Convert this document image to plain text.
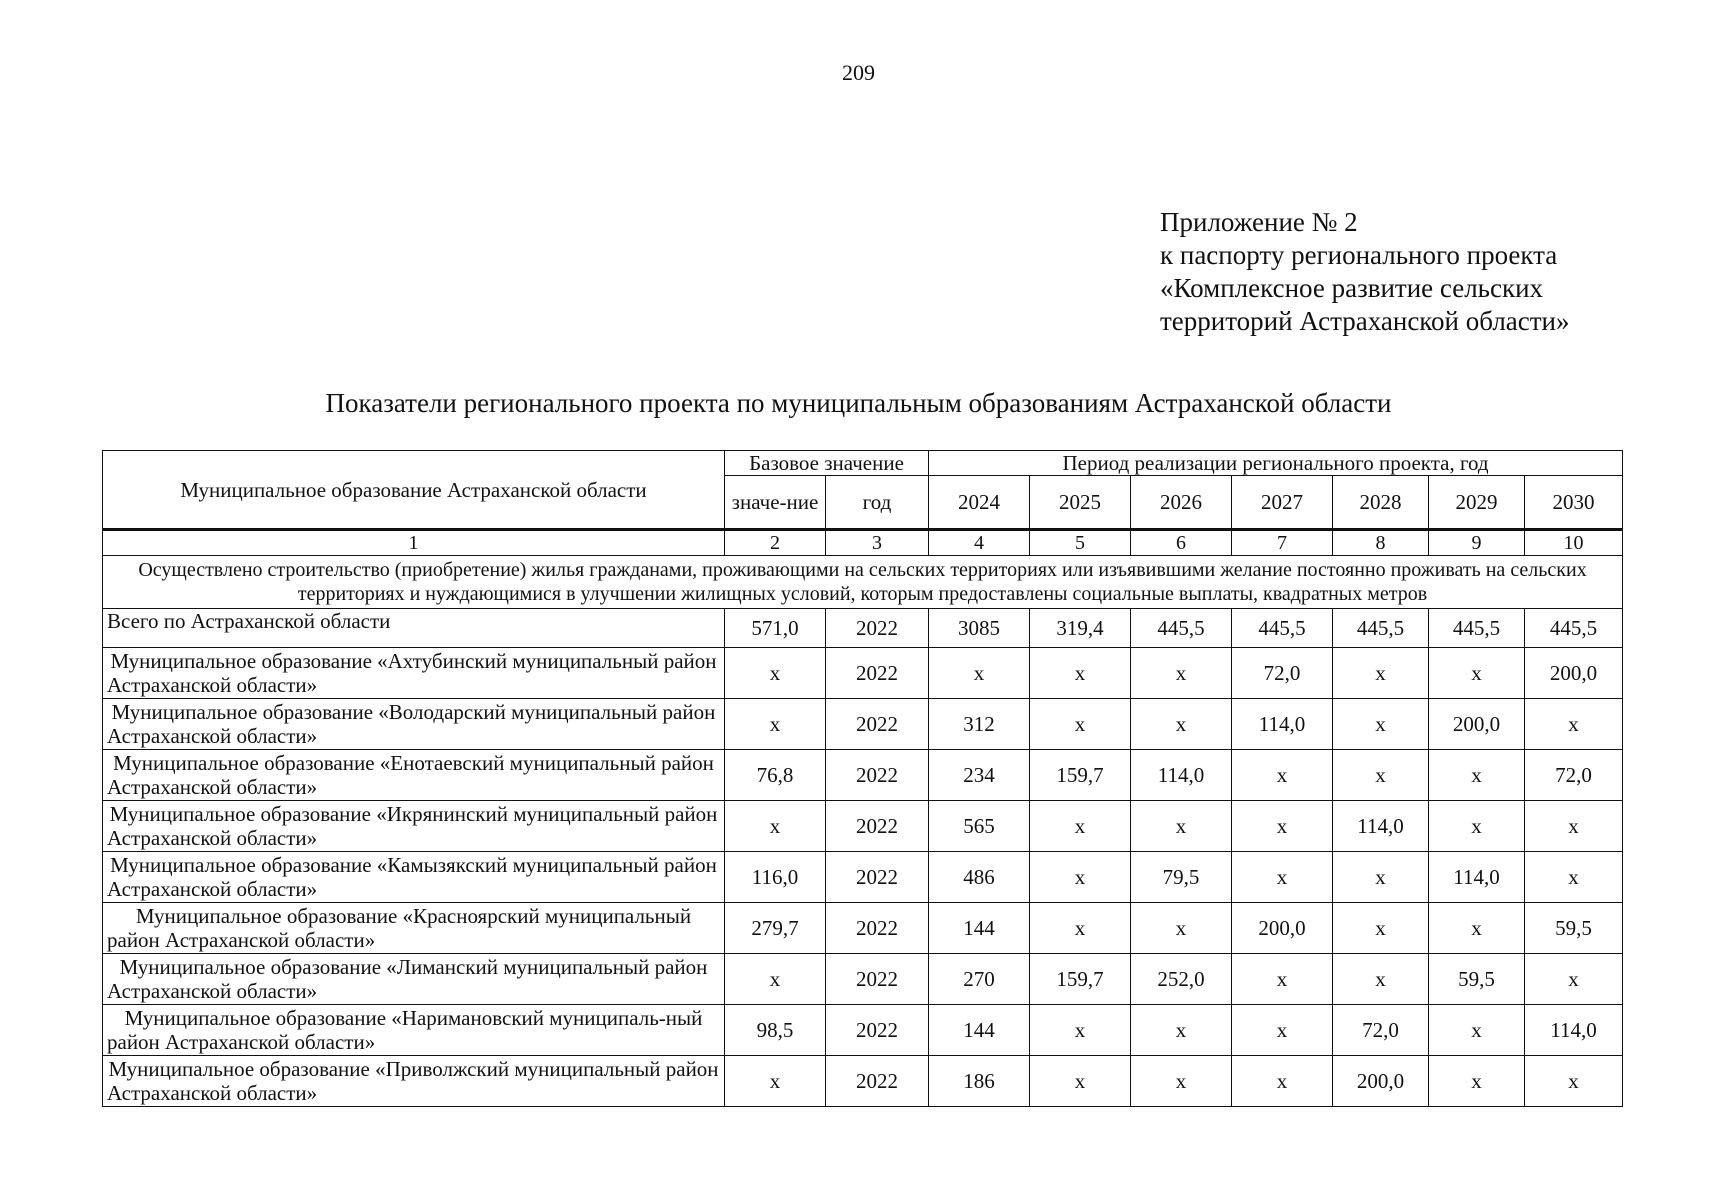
209
Приложение № 2
к паспорту регионального проекта
«Комплексное развитие сельских
территорий Астраханской области»
Показатели регионального проекта по муниципальным образованиям Астраханской области
Муниципальное образование Астраханской области	Базовое значение		Период реализации регионального проекта, год						
	значе-ние	год	2024	2025	2026	2027	2028	2029	2030
1	2	3	4	5	6	7	8	9	10
Осуществлено строительство (приобретение) жилья гражданами, проживающими на сельских территориях или изъявившими желание постоянно проживать на сельских территориях и нуждающимися в улучшении жилищных условий, которым предоставлены социальные выплаты, квадратных метров									
Всего по Астраханской области	571,0	2022	3085	319,4	445,5	445,5	445,5	445,5	445,5
Муниципальное образование «Ахтубинский муниципальный район Астраханской области»	x	2022	x	x	x	72,0	x	x	200,0
Муниципальное образование «Володарский муниципальный район Астраханской области»	x	2022	312	x	x	114,0	x	200,0	x
Муниципальное образование «Енотаевский муниципальный район Астраханской области»	76,8	2022	234	159,7	114,0	x	x	x	72,0
Муниципальное образование «Икрянинский муниципальный район Астраханской области»	x	2022	565	x	x	x	114,0	x	x
Муниципальное образование «Камызякский муниципальный район Астраханской области»	116,0	2022	486	x	79,5	x	x	114,0	x
Муниципальное образование «Красноярский муниципальный район Астраханской области»	279,7	2022	144	x	x	200,0	x	x	59,5
Муниципальное образование «Лиманский муниципальный район Астраханской области»	x	2022	270	159,7	252,0	x	x	59,5	x
Муниципальное образование «Наримановский муниципаль-ный район Астраханской области»	98,5	2022	144	x	x	x	72,0	x	114,0
Муниципальное образование «Приволжский муниципальный район Астраханской области»	x	2022	186	x	x	x	200,0	x	x
